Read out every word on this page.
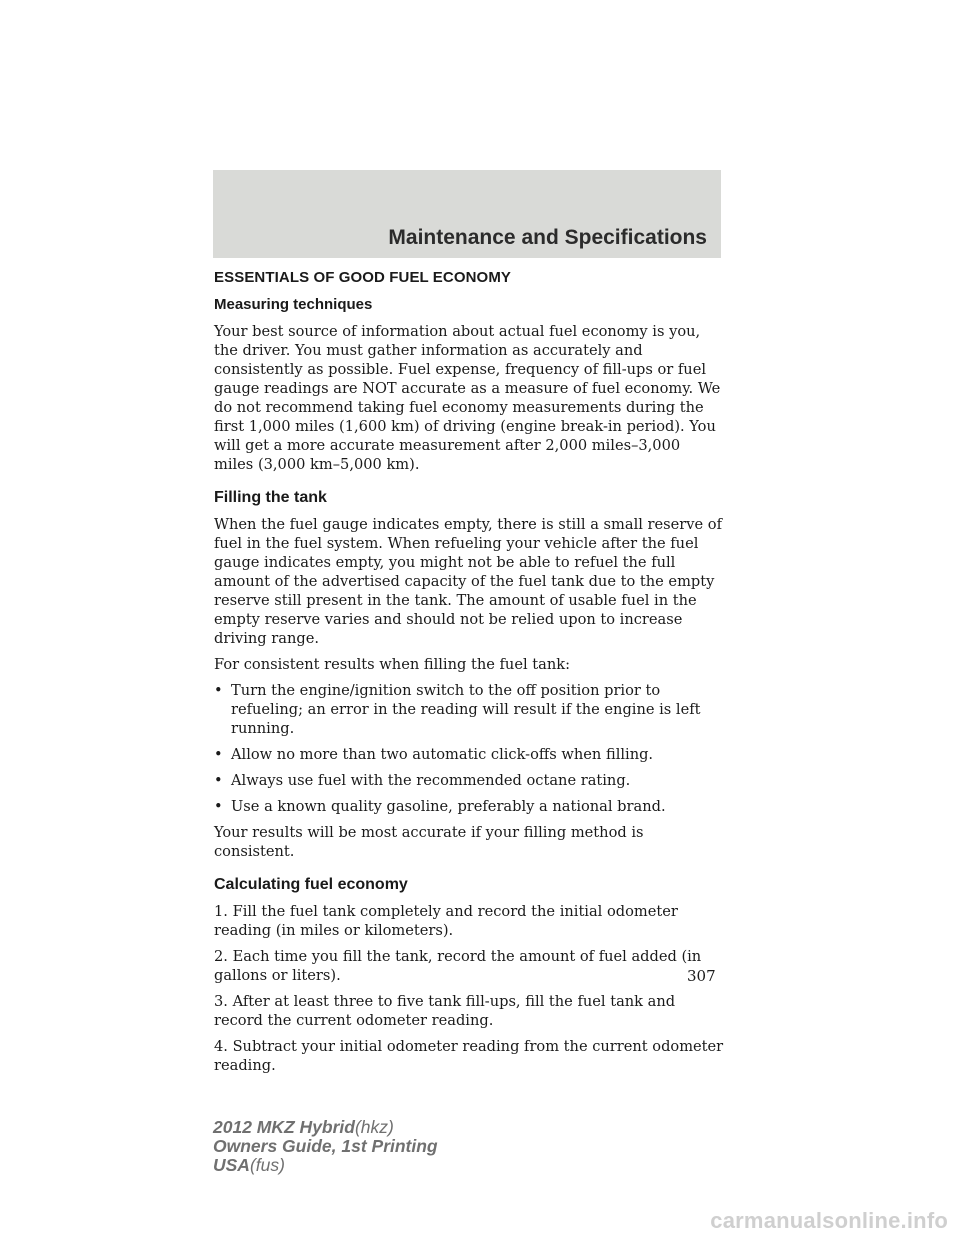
Maintenance and Specifications
ESSENTIALS OF GOOD FUEL ECONOMY
Measuring techniques

Your best source of information about actual fuel economy is you, the driver. You must gather information as accurately and consistently as possible. Fuel expense, frequency of fill-ups or fuel gauge readings are NOT accurate as a measure of fuel economy. We do not recommend taking fuel economy measurements during the first 1,000 miles (1,600 km) of driving (engine break-in period). You will get a more accurate measurement after 2,000 miles–3,000 miles (3,000 km–5,000 km).

Filling the tank

When the fuel gauge indicates empty, there is still a small reserve of fuel in the fuel system. When refueling your vehicle after the fuel gauge indicates empty, you might not be able to refuel the full amount of the advertised capacity of the fuel tank due to the empty reserve still present in the tank. The amount of usable fuel in the empty reserve varies and should not be relied upon to increase driving range.

For consistent results when filling the fuel tank:

• Turn the engine/ignition switch to the off position prior to refueling; an error in the reading will result if the engine is left running.
• Allow no more than two automatic click-offs when filling.
• Always use fuel with the recommended octane rating.
• Use a known quality gasoline, preferably a national brand.

Your results will be most accurate if your filling method is consistent.

Calculating fuel economy

1. Fill the fuel tank completely and record the initial odometer reading (in miles or kilometers).

2. Each time you fill the tank, record the amount of fuel added (in gallons or liters).

3. After at least three to five tank fill-ups, fill the fuel tank and record the current odometer reading.

4. Subtract your initial odometer reading from the current odometer reading.

307
2012 MKZ Hybrid(hkz)
Owners Guide, 1st Printing
USA(fus)
carmanualsonline.info
